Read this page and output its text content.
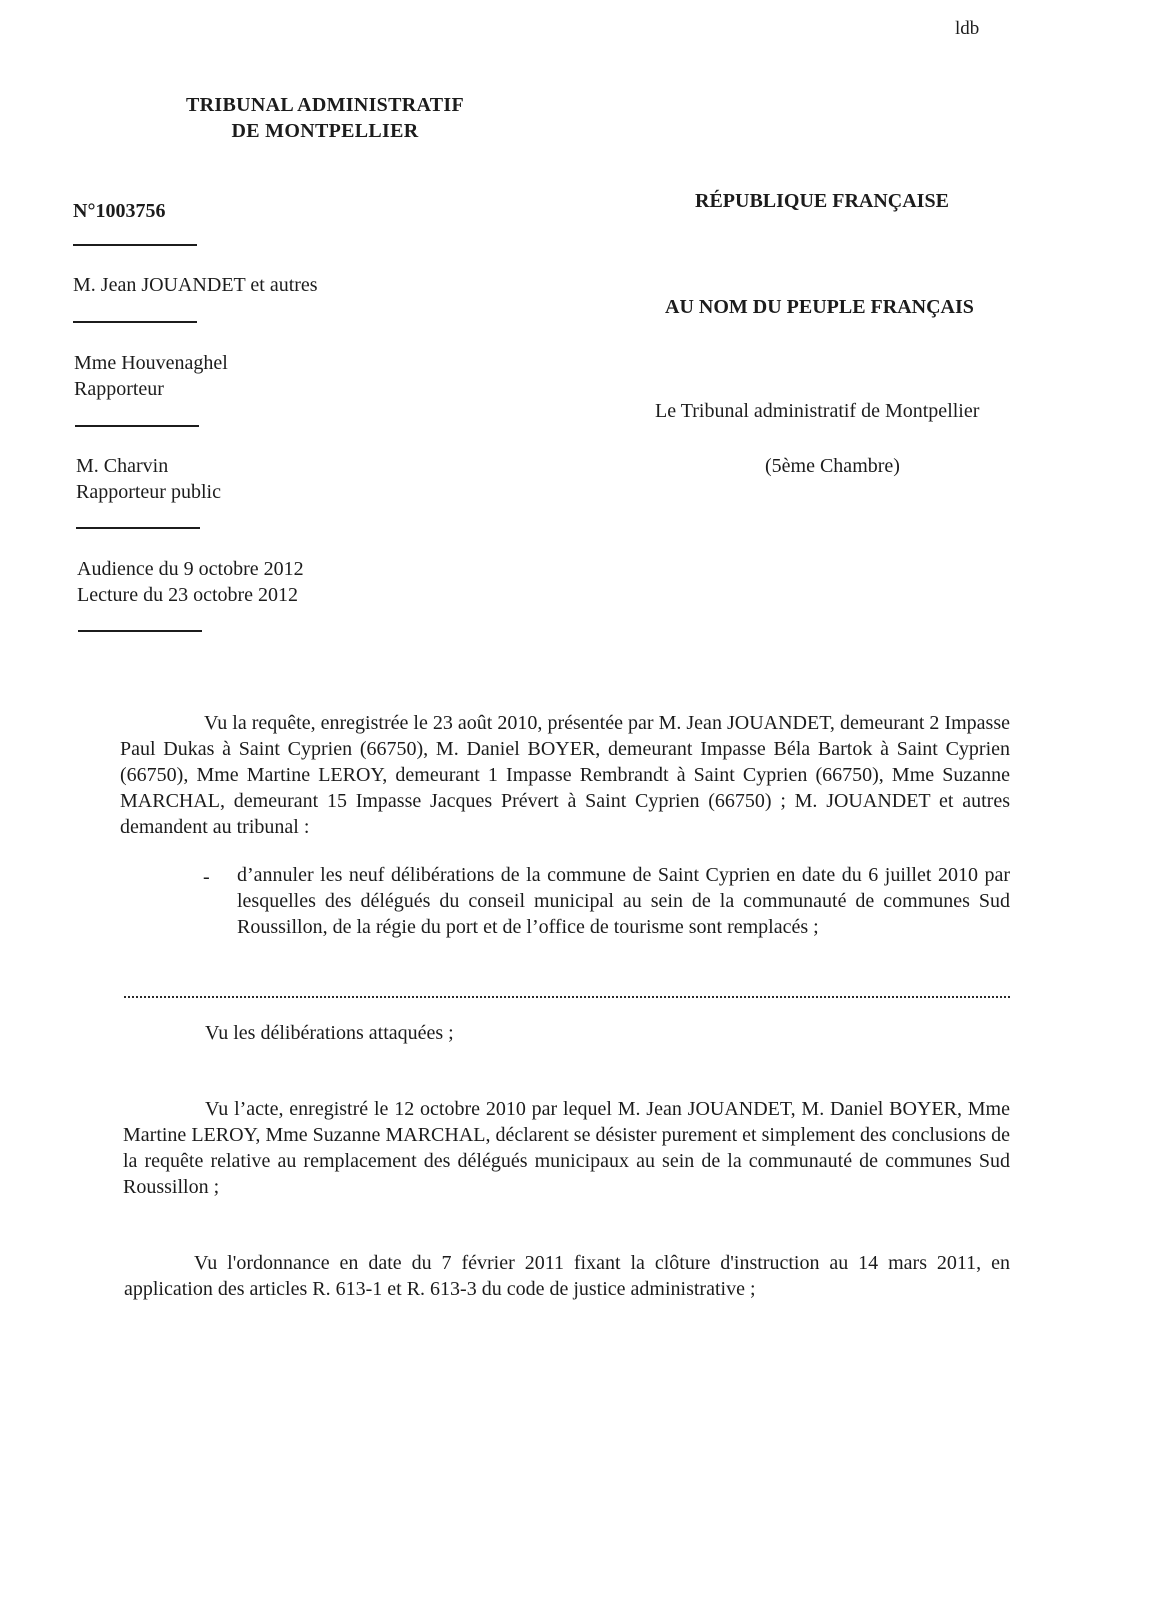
ldb
TRIBUNAL ADMINISTRATIF
DE MONTPELLIER
N°1003756
M. Jean JOUANDET et autres
Mme Houvenaghel
Rapporteur
M. Charvin
Rapporteur public
Audience du 9 octobre 2012
Lecture du 23 octobre 2012
RÉPUBLIQUE FRANÇAISE
AU NOM DU PEUPLE FRANÇAIS
Le Tribunal administratif de Montpellier
(5ème Chambre)
Vu la requête, enregistrée le 23 août 2010, présentée par M. Jean JOUANDET, demeurant 2 Impasse Paul Dukas à Saint Cyprien (66750), M. Daniel BOYER, demeurant Impasse Béla Bartok à Saint Cyprien (66750), Mme Martine LEROY, demeurant 1 Impasse Rembrandt à Saint Cyprien (66750), Mme Suzanne MARCHAL, demeurant 15 Impasse Jacques Prévert à Saint Cyprien (66750) ; M. JOUANDET et autres demandent au tribunal :
- d’annuler les neuf délibérations de la commune de Saint Cyprien en date du 6 juillet 2010 par lesquelles des délégués du conseil municipal au sein de la communauté de communes Sud Roussillon, de la régie du port et de l’office de tourisme sont remplacés ;
Vu les délibérations attaquées ;
Vu l’acte, enregistré le 12 octobre 2010 par lequel M. Jean JOUANDET, M. Daniel BOYER, Mme Martine LEROY, Mme Suzanne MARCHAL, déclarent se désister purement et simplement des conclusions de la requête relative au remplacement des délégués municipaux au sein de la communauté de communes Sud Roussillon ;
Vu l'ordonnance en date du 7 février 2011 fixant la clôture d'instruction au 14 mars 2011, en application des articles R. 613-1 et R. 613-3 du code de justice administrative ;
